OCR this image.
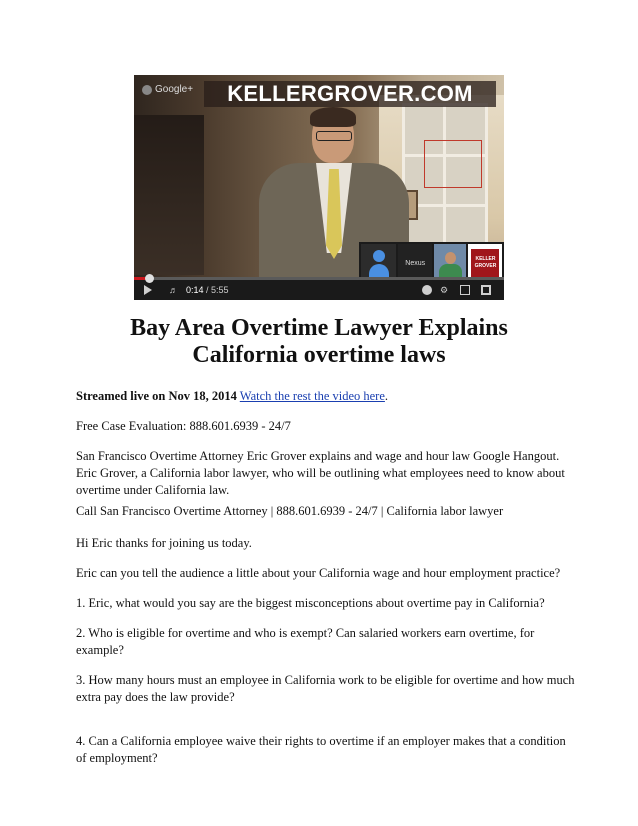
Google+	KELLERGROVER.COM
Nexus
KELLER
GROVER
♬ 0:14 / 5:55	⚙
Bay Area Overtime Lawyer Explains
California overtime laws
Streamed live on Nov 18, 2014 Watch the rest the video here.
Free Case Evaluation: 888.601.6939 - 24/7
San Francisco Overtime Attorney Eric Grover explains and wage and hour law Google Hangout. Eric Grover, a California labor lawyer, who will be outlining what employees need to know about overtime under California law.
Call San Francisco Overtime Attorney | 888.601.6939 - 24/7 | California labor lawyer
Hi Eric thanks for joining us today.
Eric can you tell the audience a little about your California wage and hour employment practice?
1. Eric, what would you say are the biggest misconceptions about overtime pay in California?
2. Who is eligible for overtime and who is exempt? Can salaried workers earn overtime, for example?
3. How many hours must an employee in California work to be eligible for overtime and how much extra pay does the law provide?
4. Can a California employee waive their rights to overtime if an employer makes that a condition of employment?
